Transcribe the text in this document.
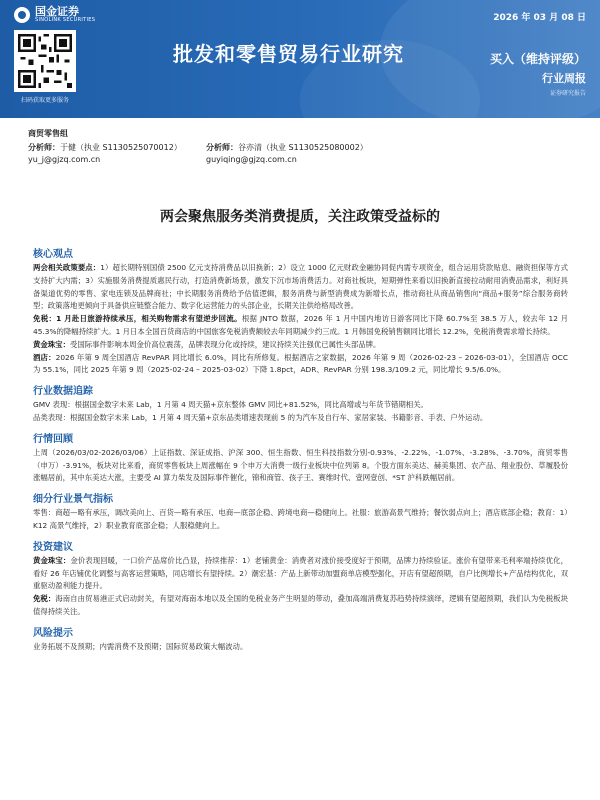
国金证券
SINOLINK SECURITIES
扫码获取更多服务
2026 年 03 月 08 日
批发和零售贸易行业研究	买入（维持评级）
行业周报
证券研究报告
商贸零售组
分析师：于健（执业 S1130525070012）	分析师：谷亦清（执业 S1130525080002）
yu_j@gjzq.com.cn	guyiqing@gjzq.com.cn
两会聚焦服务类消费提质，关注政策受益标的
核心观点
两会相关政策要点：1）超长期特别国债 2500 亿元支持消费品以旧换新；2）设立 1000 亿元财政金融协同促内需专项资金，组合运用贷款贴息、融资担保等方式支持扩大内需；3）实施服务消费提质惠民行动，打造消费新场景，激发下沉市场消费活力。对商社板块，短期弹性来看以旧换新直接拉动耐用消费品需求，利好具备渠道优势的零售、家电连锁及品牌商社；中长期服务消费给予估值逻辑，服务消费与新型消费成为新增长点，推动商社从商品销售向“商品+服务”综合服务商转型；政策落地更倾向于具备供应链整合能力、数字化运营能力的头部企业，长期关注供给格局改善。
免税：1 月赴日旅游持续承压，相关购物需求有望逆步回流。根据 JNTO 数据，2026 年 1 月中国内地访日游客同比下降 60.7%至 38.5 万人，较去年 12 月 45.3%的降幅持续扩大。1 月日本全国百货商店的中国旅客免税消费额较去年同期减少约三成。1 月韩国免税销售额同比增长 12.2%，免税消费需求增长持续。
黄金珠宝：受国际事件影响本周金价高位震荡，品牌表现分化或持续，建议持续关注强优已属性头部品牌。
酒店：2026 年第 9 周全国酒店 RevPAR 同比增长 6.0%，同比有所修复。根据酒店之家数据，2026 年第 9 周（2026-02-23 – 2026-03-01），全国酒店 OCC 为 55.1%，同比 2025 年第 9 周（2025-02-24 – 2025-03-02）下降 1.8pct，ADR、RevPAR 分别 198.3/109.2 元，同比增长 9.5/6.0%。
行业数据追踪
GMV 表现：根据国金数字未来 Lab，1 月第 4 周天猫+京东整体 GMV 同比+81.52%，同比高增或与年货节错期相关。
品类表现：根据国金数字未来 Lab，1 月第 4 周天猫+京东品类增速表现前 5 的为汽车及自行车、家居家装、书籍影音、手表、户外运动。
行情回顾
上周（2026/03/02-2026/03/06）上证指数、深证成指、沪深 300、恒生指数、恒生科技指数分别-0.93%、-2.22%、-1.07%、-3.28%、-3.70%，商贸零售（申万）-3.91%，板块对比来看，商贸零售板块上周涨幅在 9 个申万大消费一级行业板块中位列第 8。个股方面东美达、赫美集团、农产品、翔业股份、草履股份涨幅居前，其中东美达大涨，主要受 AI 算力柴发及国际事件催化，锦和商管、孩子王、赛维时代、壹网壹创、*ST 沪科跌幅居前。
细分行业景气指标
零售：商超—略有承压，调改美向上、百货—略有承压、电商—底部企稳、跨境电商—稳健向上。社服：旅游高景气维持；餐饮弱点向上；酒店底部企稳；教育：1）K12 高景气维持，2）职业教育底部企稳；人服稳健向上。
投资建议
黄金珠宝：金价表现回暖，一口价产品席价比凸显，持续推荐：1）老铺黄金：消费者对涨价接受度好于预期，品牌力持续验证。涨价有望带来毛利率端持续优化，看好 26 年店铺优化调整与高客运营策略，同店增长有望持续。2）潮宏基：产品上新带动加盟商单店模型强化，开店有望超预期，自户比例增长+产品结构优化，双重驱动盈利能力提升。
免税：海南自由贸易港正式启动封关，有望对海南本地以及全国的免税业务产生明显的带动，叠加高端消费复苏趋势持续演绎，逻辑有望超预期，我们认为免税板块值得持续关注。
风险提示
业务拓展不及预期；内需消费不及预期；国际贸易政策大幅波动。
